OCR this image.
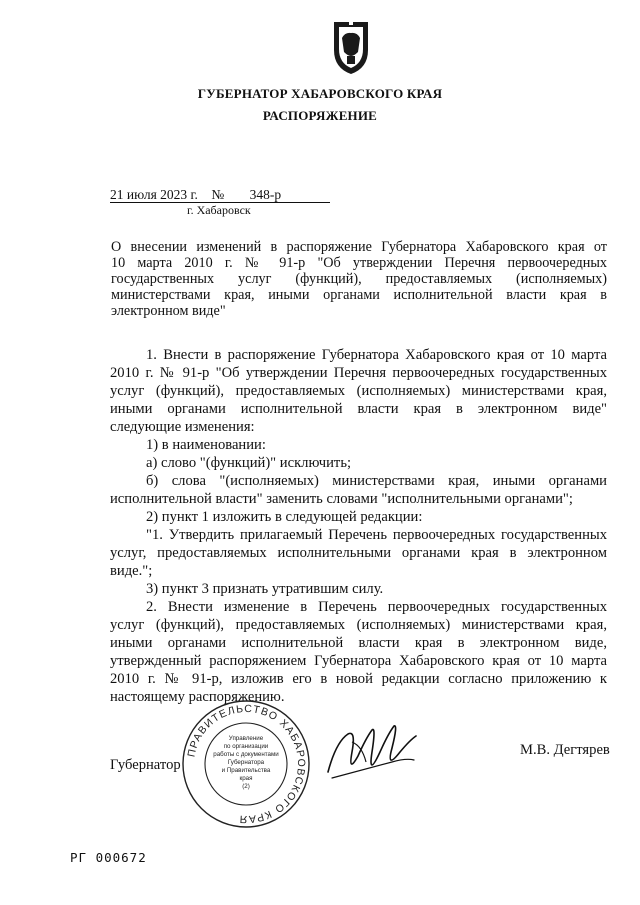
ГУБЕРНАТОР ХАБАРОВСКОГО КРАЯ
РАСПОРЯЖЕНИЕ
21 июля 2023 г. № 348-р
г. Хабаровск
О внесении изменений в распоряжение Губернатора Хабаровского края от
10 марта 2010 г. № 91-р "Об утверждении Перечня первоочередных
государственных услуг (функций), предоставляемых (исполняемых)
министерствами края, иными органами исполнительной власти края в
электронном виде"
1. Внести в распоряжение Губернатора Хабаровского края от 10 марта
2010 г. № 91-р "Об утверждении Перечня первоочередных государственных
услуг (функций), предоставляемых (исполняемых) министерствами края,
иными органами исполнительной власти края в электронном виде"
следующие изменения:
1) в наименовании:
а) слово "(функций)" исключить;
б) слова "(исполняемых) министерствами края, иными органами
исполнительной власти" заменить словами "исполнительными органами";
2) пункт 1 изложить в следующей редакции:
"1. Утвердить прилагаемый Перечень первоочередных государственных
услуг, предоставляемых исполнительными органами края в электронном
виде.";
3) пункт 3 признать утратившим силу.
2. Внести изменение в Перечень первоочередных государственных
услуг (функций), предоставляемых (исполняемых) министерствами края,
иными органами исполнительной власти края в электронном виде,
утвержденный распоряжением Губернатора Хабаровского края от 10 марта
2010 г. № 91-р, изложив его в новой редакции согласно приложению к
настоящему распоряжению.
Губернатор
ПРАВИТЕЛЬСТВО ХАБАРОВСКОГО КРАЯ
Управление
по организации
работы с документами
Губернатора
и Правительства
края
(2)
М.В. Дегтярев
РГ 000672
